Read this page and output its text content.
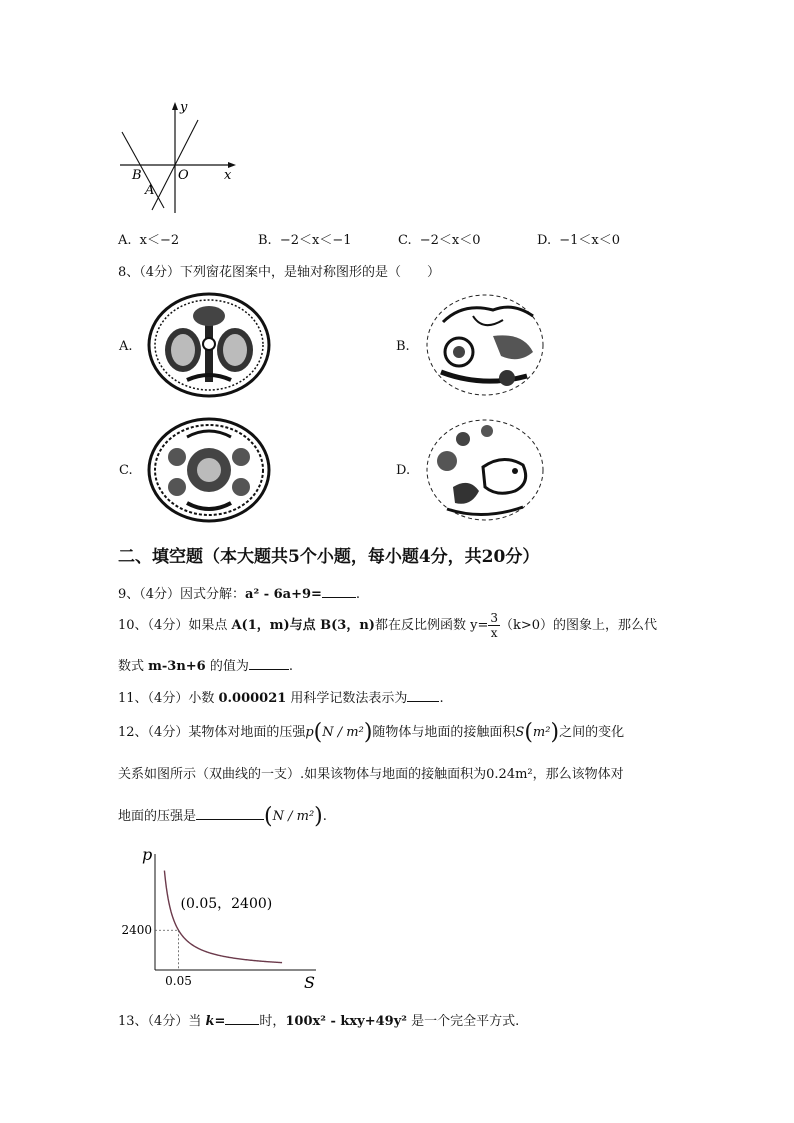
y
x
O
B
A
A. x＜−2	B. −2＜x＜−1	C. −2＜x＜0	D. −1＜x＜0
8、（4分）下列窗花图案中，是轴对称图形的是（　　）
A.	B.
C.	D.
二、填空题（本大题共5个小题，每小题4分，共20分）
9、（4分）因式分解：a² - 6a+9=	.
10、（4分）如果点 A(1，m)与点 B(3，n)都在反比例函数 $y= \frac{3}{x} (k>0)$的图象上，那么代
数式 m-3n+6 的值为	.
11、（4分）小数 0.000021 用科学记数法表示为 .
12、（4分）某物体对地面的压强p(N / m²)随物体与地面的接触面积S(m²)之间的变化
关系如图所示（双曲线的一支）.如果该物体与地面的接触面积为0.24m²，那么该物体对
地面的压强是	(N / m²).
p
S
2400
0.05
(0.05，2400)
13、（4分）当 k=	时，100x² - kxy+49y² 是一个完全平方式.
